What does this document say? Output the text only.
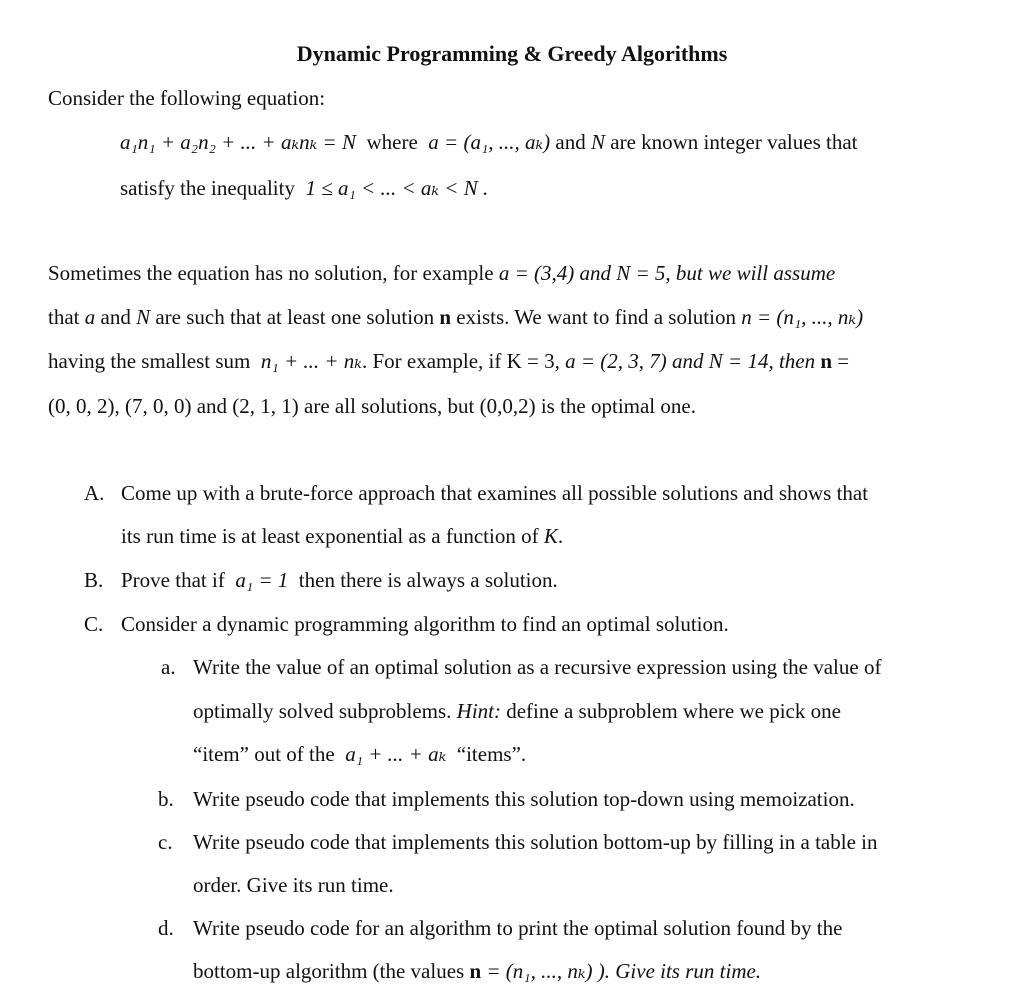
Dynamic Programming & Greedy Algorithms
Consider the following equation:
a₁n₁ + a₂n₂ + ... + aₖnₖ = N where a = (a₁, ..., aₖ) and N are known integer values that
satisfy the inequality 1 ≤ a₁ < ... < aₖ < N .
Sometimes the equation has no solution, for example a = (3,4) and N = 5, but we will assume
that a and N are such that at least one solution n exists. We want to find a solution n = (n₁, ..., nₖ)
having the smallest sum n₁ + ... + nₖ. For example, if K = 3, a = (2, 3, 7) and N = 14, then n =
(0, 0, 2), (7, 0, 0) and (2, 1, 1) are all solutions, but (0,0,2) is the optimal one.
A. Come up with a brute-force approach that examines all possible solutions and shows that
its run time is at least exponential as a function of K.
B. Prove that if a₁ = 1 then there is always a solution.
C. Consider a dynamic programming algorithm to find an optimal solution.
a. Write the value of an optimal solution as a recursive expression using the value of
optimally solved subproblems. Hint: define a subproblem where we pick one
“item” out of the a₁ + ... + aₖ “items”.
b. Write pseudo code that implements this solution top-down using memoization.
c. Write pseudo code that implements this solution bottom-up by filling in a table in
order. Give its run time.
d. Write pseudo code for an algorithm to print the optimal solution found by the
bottom-up algorithm (the values n = (n₁, ..., nₖ) ). Give its run time.
